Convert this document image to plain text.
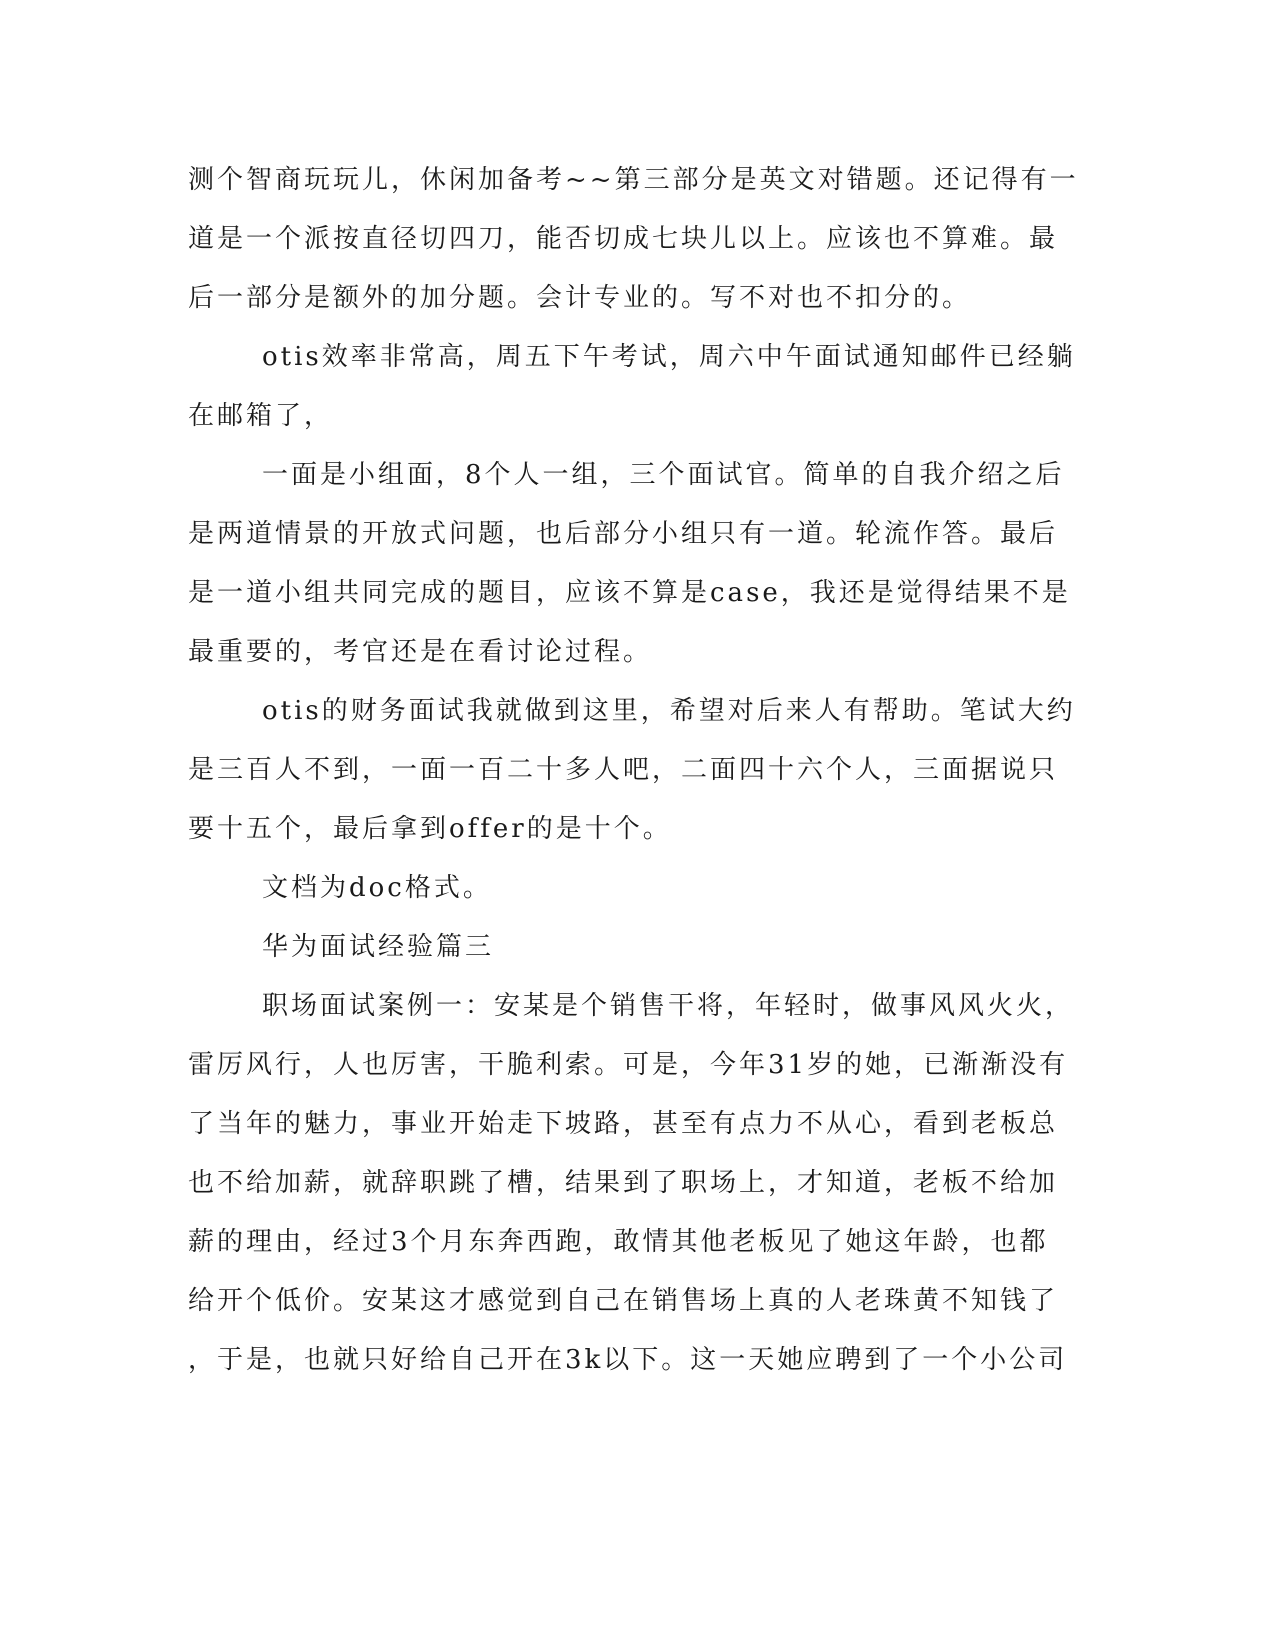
测个智商玩玩儿，休闲加备考~~第三部分是英文对错题。还记得有一
道是一个派按直径切四刀，能否切成七块儿以上。应该也不算难。最
后一部分是额外的加分题。会计专业的。写不对也不扣分的。
otis效率非常高，周五下午考试，周六中午面试通知邮件已经躺
在邮箱了，
一面是小组面，8个人一组，三个面试官。简单的自我介绍之后
是两道情景的开放式问题，也后部分小组只有一道。轮流作答。最后
是一道小组共同完成的题目，应该不算是case，我还是觉得结果不是
最重要的，考官还是在看讨论过程。
otis的财务面试我就做到这里，希望对后来人有帮助。笔试大约
是三百人不到，一面一百二十多人吧，二面四十六个人，三面据说只
要十五个，最后拿到offer的是十个。
文档为doc格式。
华为面试经验篇三
职场面试案例一：安某是个销售干将，年轻时，做事风风火火，
雷厉风行，人也厉害，干脆利索。可是，今年31岁的她，已渐渐没有
了当年的魅力，事业开始走下坡路，甚至有点力不从心，看到老板总
也不给加薪，就辞职跳了槽，结果到了职场上，才知道，老板不给加
薪的理由，经过3个月东奔西跑，敢情其他老板见了她这年龄，也都
给开个低价。安某这才感觉到自己在销售场上真的人老珠黄不知钱了
，于是，也就只好给自己开在3k以下。这一天她应聘到了一个小公司
